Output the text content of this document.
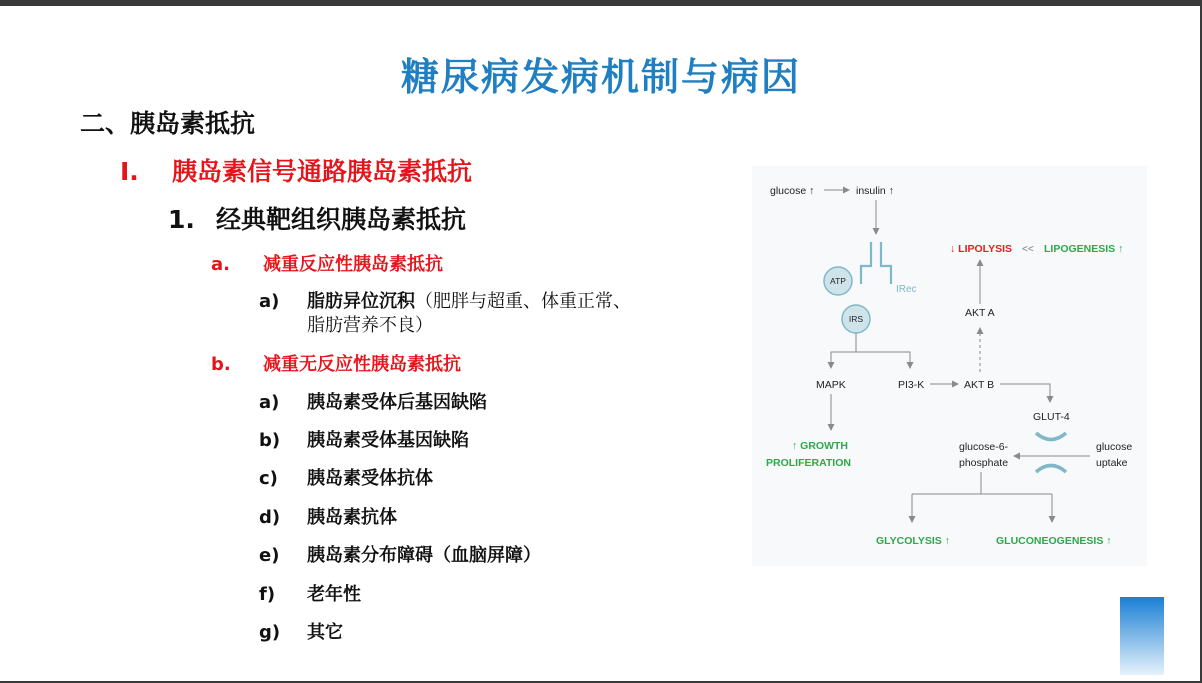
糖尿病发病机制与病因
二、胰岛素抵抗
I. 胰岛素信号通路胰岛素抵抗
1. 经典靶组织胰岛素抵抗
a. 减重反应性胰岛素抵抗
a) 脂肪异位沉积（肥胖与超重、体重正常、
脂肪营养不良）
b. 减重无反应性胰岛素抵抗
a) 胰岛素受体后基因缺陷
b) 胰岛素受体基因缺陷
c) 胰岛素受体抗体
d) 胰岛素抗体
e) 胰岛素分布障碍（血脑屏障）
f) 老年性
g) 其它
glucose ↑	insulin ↑
IRec
ATP
IRS
MAPK	PI3-K	AKT B
↑ GROWTH
PROLIFERATION
AKT A
↓ LIPOLYSIS << LIPOGENESIS ↑
GLUT-4
glucose-6-
phosphate
glucose
uptake
GLYCOLYSIS ↑	GLUCONEOGENESIS ↑
